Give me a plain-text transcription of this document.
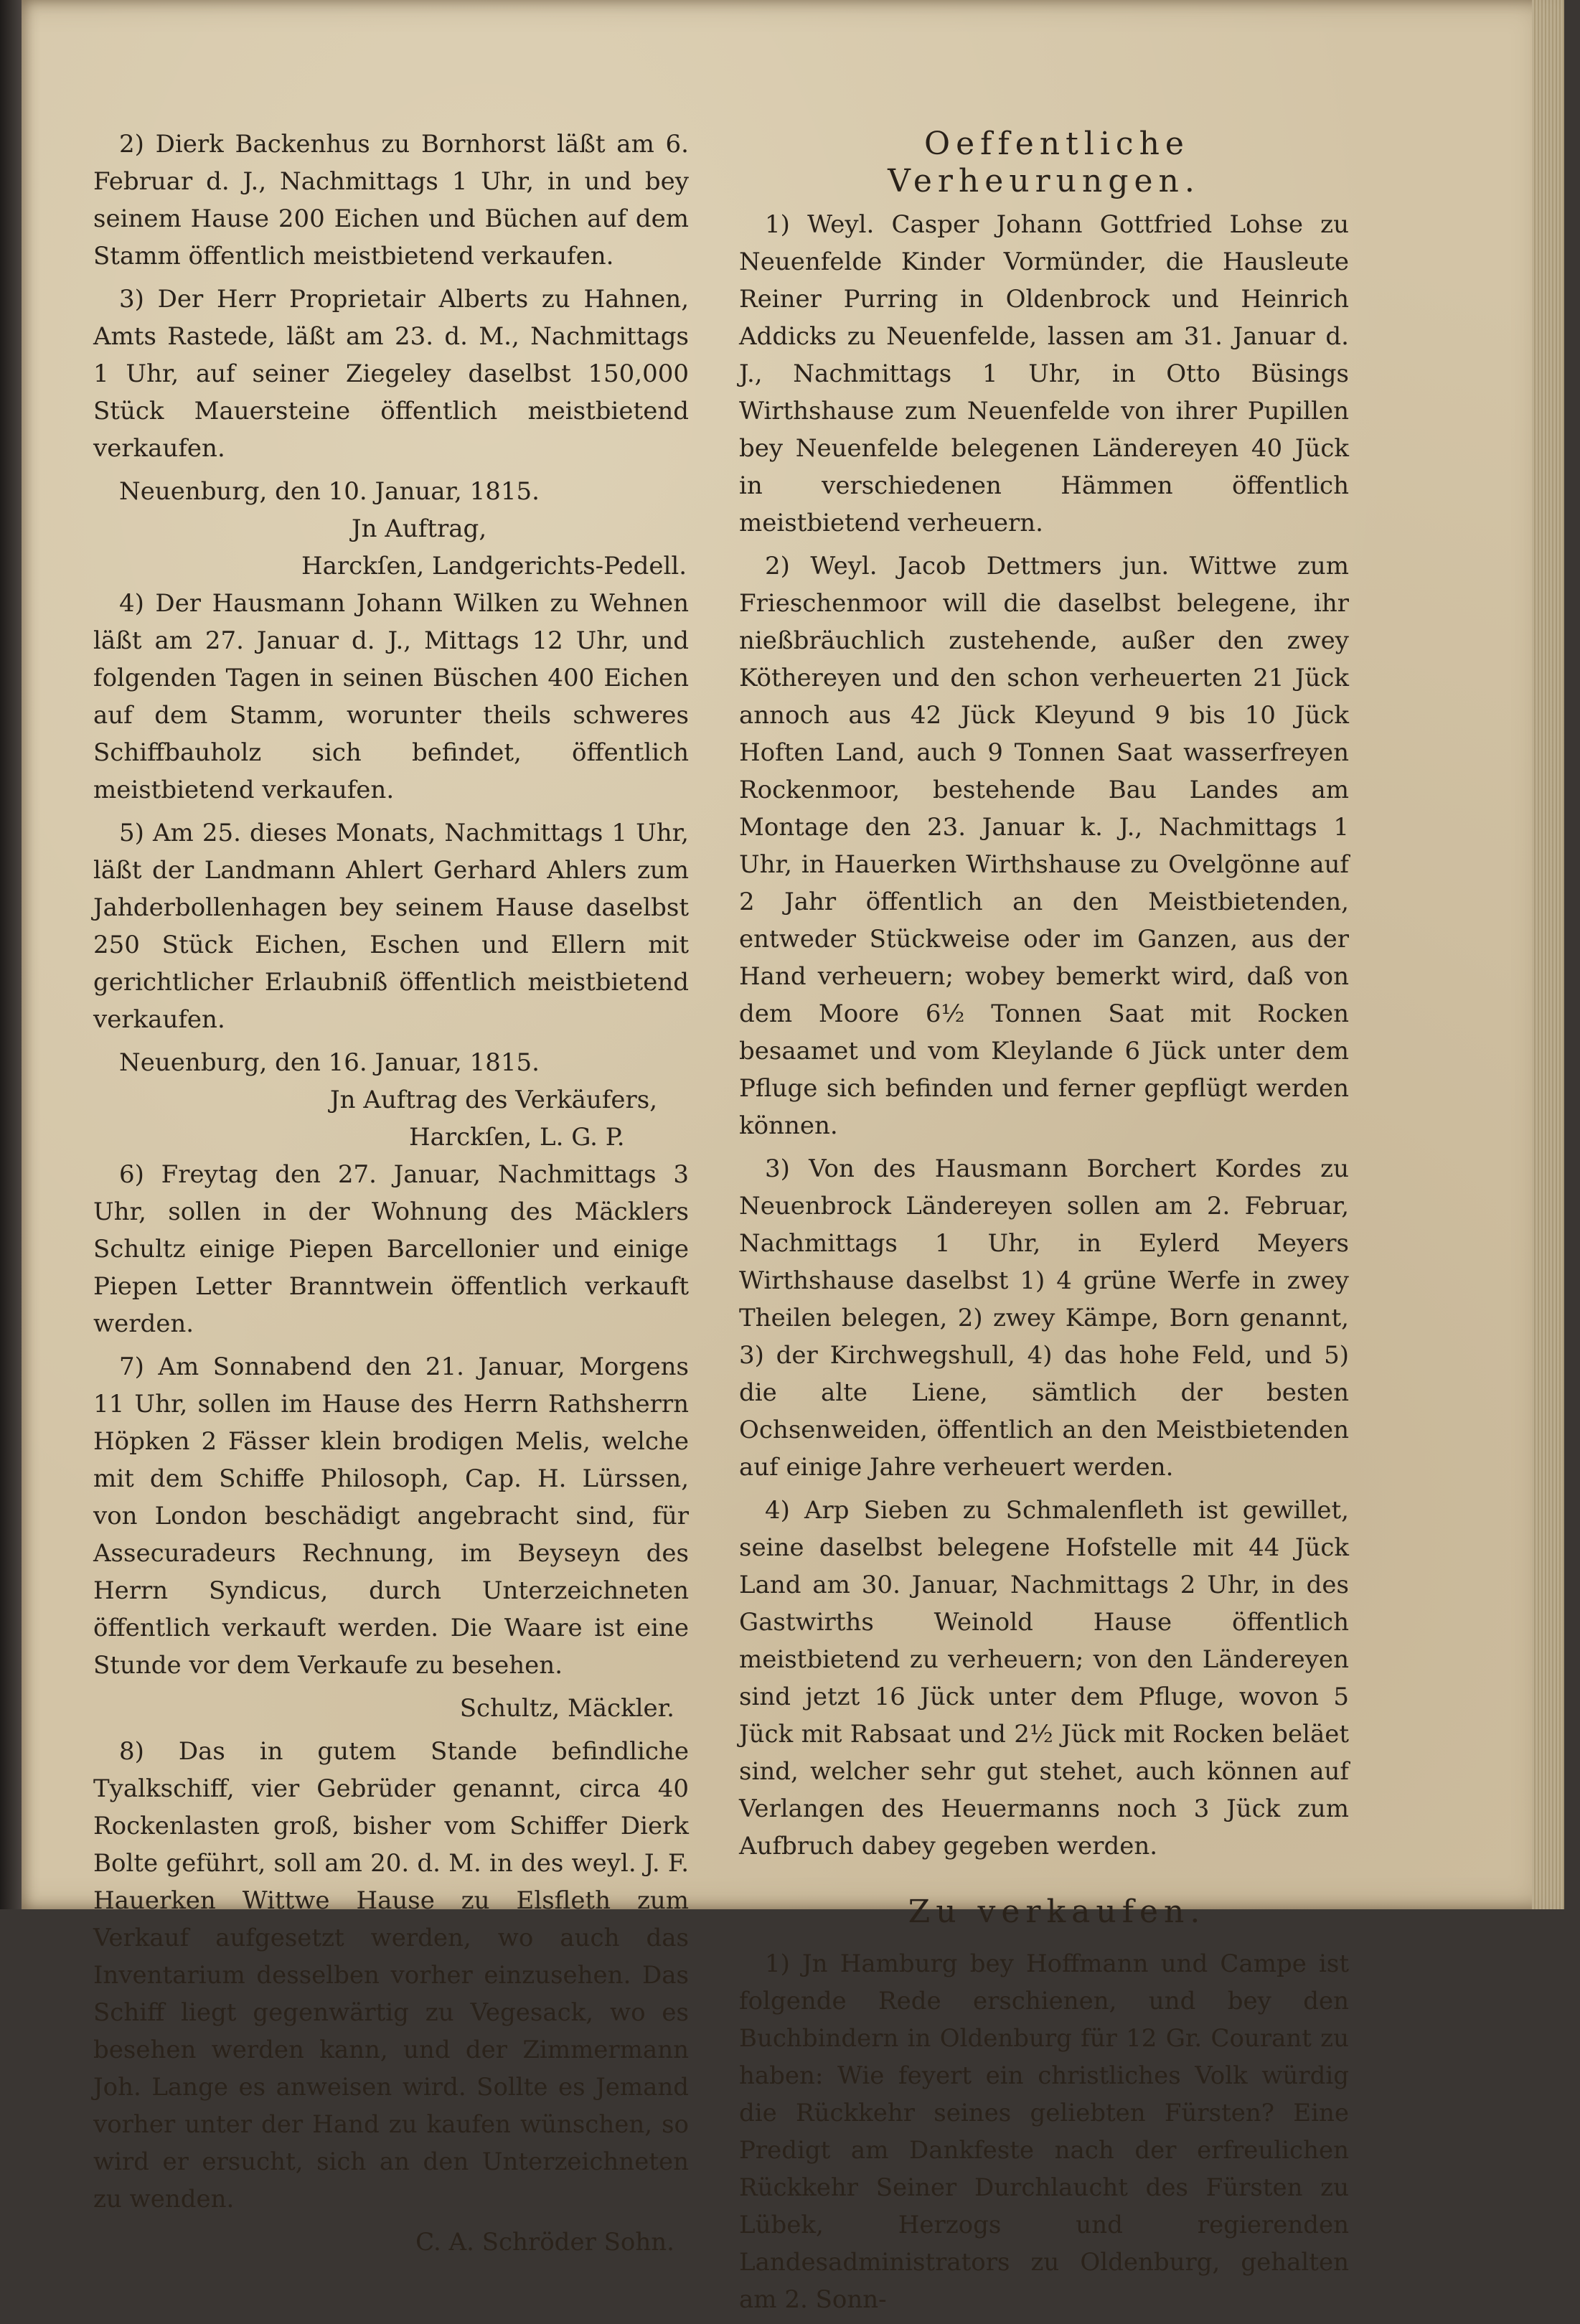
2) Dierk Backenhus zu Bornhorst läßt am 6. Februar d. J., Nachmittags 1 Uhr, in und bey seinem Hause 200 Eichen und Büchen auf dem Stamm öffentlich meistbietend verkaufen.

3) Der Herr Proprietair Alberts zu Hahnen, Amts Rastede, läßt am 23. d. M., Nachmittags 1 Uhr, auf seiner Ziegeley daselbst 150,000 Stück Mauersteine öffentlich meistbietend verkaufen.

Neuenburg, den 10. Januar, 1815.

Jn Auftrag,

Harckſen, Landgerichts-Pedell.

4) Der Hausmann Johann Wilken zu Wehnen läßt am 27. Januar d. J., Mittags 12 Uhr, und folgenden Tagen in seinen Büschen 400 Eichen auf dem Stamm, worunter theils schweres Schiffbauholz sich befindet, öffentlich meistbietend verkaufen.

5) Am 25. dieses Monats, Nachmittags 1 Uhr, läßt der Landmann Ahlert Gerhard Ahlers zum Jahderbollenhagen bey seinem Hause daselbst 250 Stück Eichen, Eschen und Ellern mit gerichtlicher Erlaubniß öffentlich meistbietend verkaufen.

Neuenburg, den 16. Januar, 1815.

Jn Auftrag des Verkäufers,

Harckſen, L. G. P.

6) Freytag den 27. Januar, Nachmittags 3 Uhr, sollen in der Wohnung des Mäcklers Schultz einige Piepen Barcellonier und einige Piepen Letter Branntwein öffentlich verkauft werden.

7) Am Sonnabend den 21. Januar, Morgens 11 Uhr, sollen im Hause des Herrn Rathsherrn Höpken 2 Fässer klein brodigen Melis, welche mit dem Schiffe Philosoph, Cap. H. Lürssen, von London beschädigt angebracht sind, für Assecuradeurs Rechnung, im Beyseyn des Herrn Syndicus, durch Unterzeichneten öffentlich verkauft werden. Die Waare ist eine Stunde vor dem Verkaufe zu besehen.

Schultz, Mäckler.

8) Das in gutem Stande befindliche Tyalkschiff, vier Gebrüder genannt, circa 40 Rockenlasten groß, bisher vom Schiffer Dierk Bolte geführt, soll am 20. d. M. in des weyl. J. F. Hauerken Wittwe Hause zu Elsfleth zum Verkauf aufgesetzt werden, wo auch das Inventarium desselben vorher einzusehen. Das Schiff liegt gegenwärtig zu Vegesack, wo es besehen werden kann, und der Zimmermann Joh. Lange es anweisen wird. Sollte es Jemand vorher unter der Hand zu kaufen wünschen, so wird er ersucht, sich an den Unterzeichneten zu wenden.

C. A. Schröder Sohn.

Oeffentliche Verheurungen.

1) Weyl. Casper Johann Gottfried Lohse zu Neuenfelde Kinder Vormünder, die Hausleute Reiner Purring in Oldenbrock und Heinrich Addicks zu Neuenfelde, lassen am 31. Januar d. J., Nachmittags 1 Uhr, in Otto Büsings Wirthshause zum Neuenfelde von ihrer Pupillen bey Neuenfelde belegenen Ländereyen 40 Jück in verschiedenen Hämmen öffentlich meistbietend verheuern.

2) Weyl. Jacob Dettmers jun. Wittwe zum Frieschenmoor will die daselbst belegene, ihr nießbräuchlich zustehende, außer den zwey Köthereyen und den schon verheuerten 21 Jück annoch aus 42 Jück Kleyund 9 bis 10 Jück Hoften Land, auch 9 Tonnen Saat wasserfreyen Rockenmoor, bestehende Bau Landes am Montage den 23. Januar k. J., Nachmittags 1 Uhr, in Hauerken Wirthshause zu Ovelgönne auf 2 Jahr öffentlich an den Meistbietenden, entweder Stückweise oder im Ganzen, aus der Hand verheuern; wobey bemerkt wird, daß von dem Moore 6½ Tonnen Saat mit Rocken besaamet und vom Kleylande 6 Jück unter dem Pfluge sich befinden und ferner gepflügt werden können.

3) Von des Hausmann Borchert Kordes zu Neuenbrock Ländereyen sollen am 2. Februar, Nachmittags 1 Uhr, in Eylerd Meyers Wirthshause daselbst 1) 4 grüne Werfe in zwey Theilen belegen, 2) zwey Kämpe, Born genannt, 3) der Kirchwegshull, 4) das hohe Feld, und 5) die alte Liene, sämtlich der besten Ochsenweiden, öffentlich an den Meistbietenden auf einige Jahre verheuert werden.

4) Arp Sieben zu Schmalenfleth ist gewillet, seine daselbst belegene Hofstelle mit 44 Jück Land am 30. Januar, Nachmittags 2 Uhr, in des Gastwirths Weinold Hause öffentlich meistbietend zu verheuern; von den Ländereyen sind jetzt 16 Jück unter dem Pfluge, wovon 5 Jück mit Rabsaat und 2½ Jück mit Rocken beläet sind, welcher sehr gut stehet, auch können auf Verlangen des Heuermanns noch 3 Jück zum Aufbruch dabey gegeben werden.

Zu verkaufen.

1) Jn Hamburg bey Hoffmann und Campe ist folgende Rede erschienen, und bey den Buchbindern in Oldenburg für 12 Gr. Courant zu haben: Wie feyert ein christliches Volk würdig die Rückkehr seines geliebten Fürsten? Eine Predigt am Dankfeste nach der erfreulichen Rückkehr Seiner Durchlaucht des Fürsten zu Lübek, Herzogs und regierenden Landesadministrators zu Oldenburg, gehalten am 2. Sonn-
